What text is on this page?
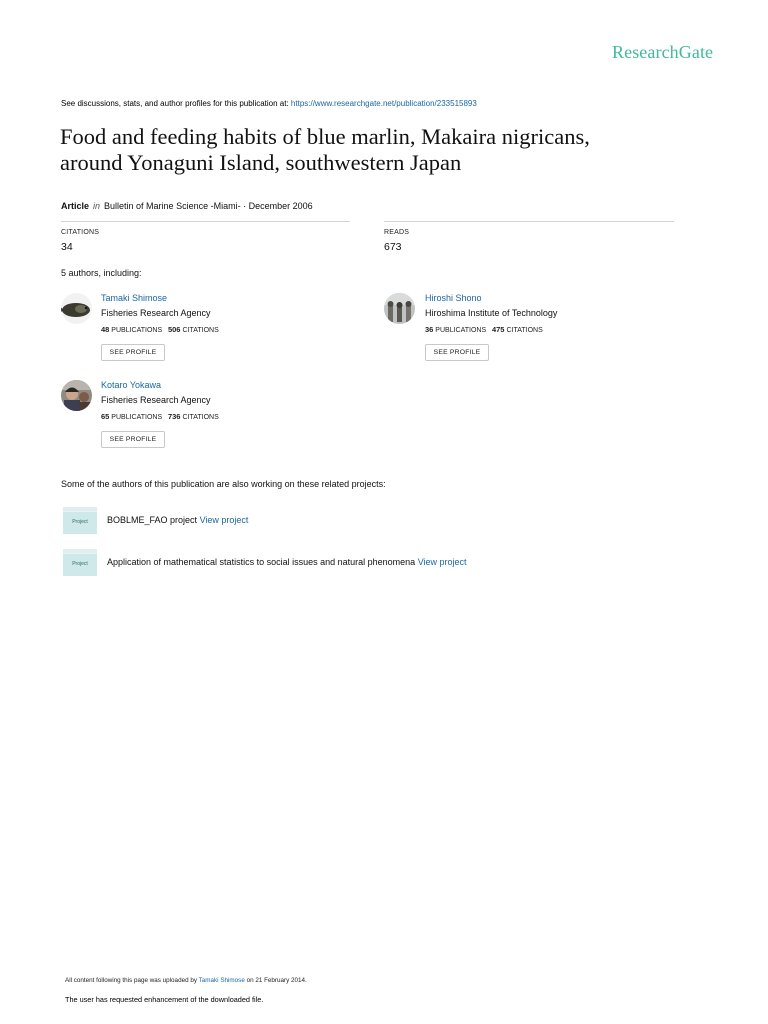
ResearchGate
See discussions, stats, and author profiles for this publication at: https://www.researchgate.net/publication/233515893
Food and feeding habits of blue marlin, Makaira nigricans,
around Yonaguni Island, southwestern Japan
Article in Bulletin of Marine Science -Miami- · December 2006
CITATIONS
34
READS
673
5 authors, including:
Tamaki Shimose
Fisheries Research Agency
48 PUBLICATIONS 506 CITATIONS
SEE PROFILE
Hiroshi Shono
Hiroshima Institute of Technology
36 PUBLICATIONS 475 CITATIONS
SEE PROFILE
Kotaro Yokawa
Fisheries Research Agency
65 PUBLICATIONS 736 CITATIONS
SEE PROFILE
Some of the authors of this publication are also working on these related projects:
Project	BOBLME_FAO project View project
Project	Application of mathematical statistics to social issues and natural phenomena View project
All content following this page was uploaded by Tamaki Shimose on 21 February 2014.
The user has requested enhancement of the downloaded file.
